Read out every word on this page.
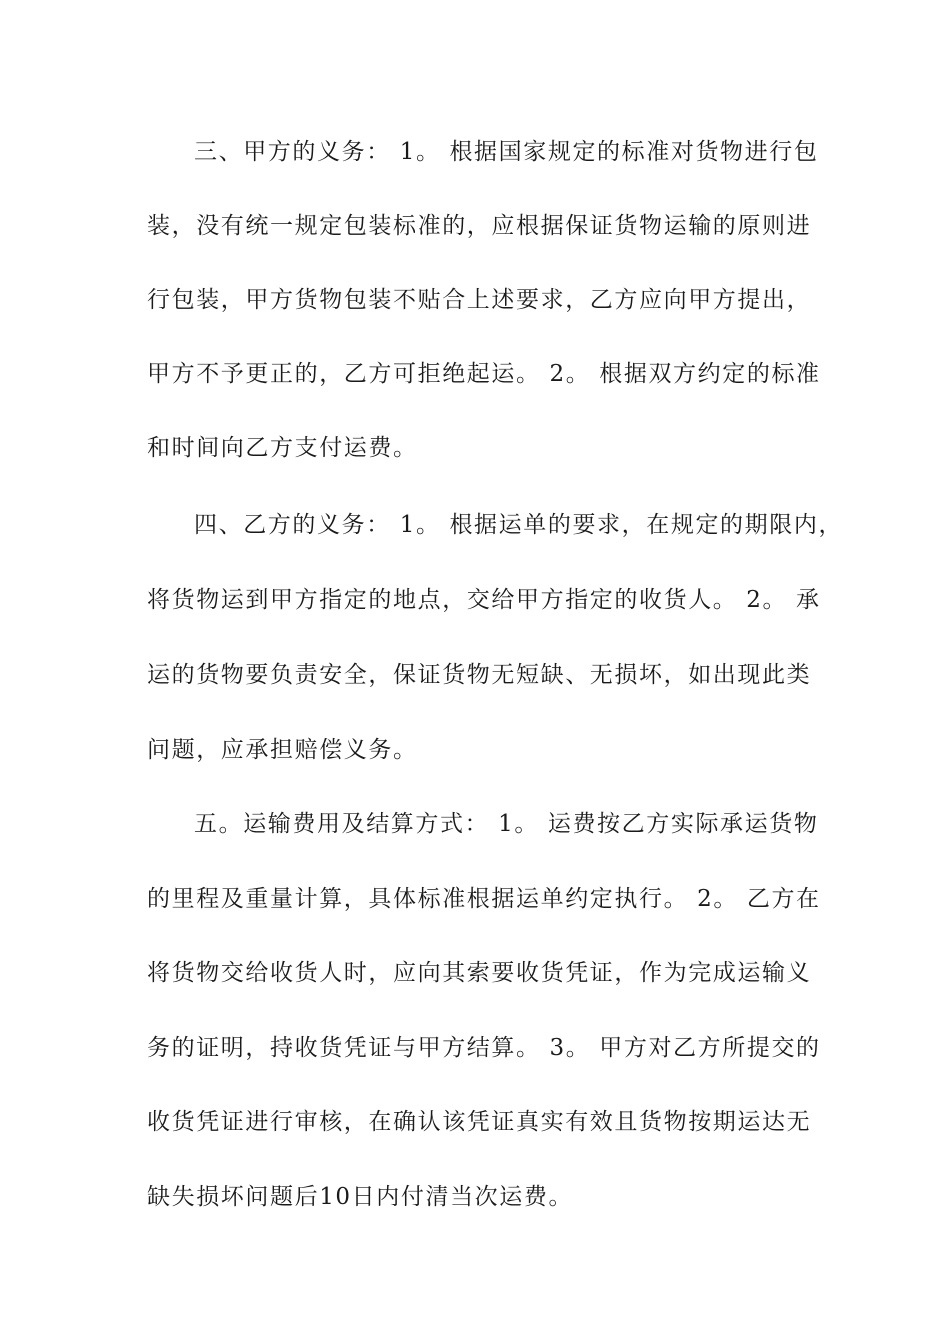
三、甲方的义务： 1。 根据国家规定的标准对货物进行包

装，没有统一规定包装标准的，应根据保证货物运输的原则进

行包装，甲方货物包装不贴合上述要求，乙方应向甲方提出，

甲方不予更正的，乙方可拒绝起运。 2。 根据双方约定的标准

和时间向乙方支付运费。

四、乙方的义务： 1。 根据运单的要求，在规定的期限内，

将货物运到甲方指定的地点，交给甲方指定的收货人。 2。 承

运的货物要负责安全，保证货物无短缺、无损坏，如出现此类

问题，应承担赔偿义务。

五。运输费用及结算方式： 1。 运费按乙方实际承运货物

的里程及重量计算，具体标准根据运单约定执行。 2。 乙方在

将货物交给收货人时，应向其索要收货凭证，作为完成运输义

务的证明，持收货凭证与甲方结算。 3。 甲方对乙方所提交的

收货凭证进行审核，在确认该凭证真实有效且货物按期运达无

缺失损坏问题后10日内付清当次运费。
